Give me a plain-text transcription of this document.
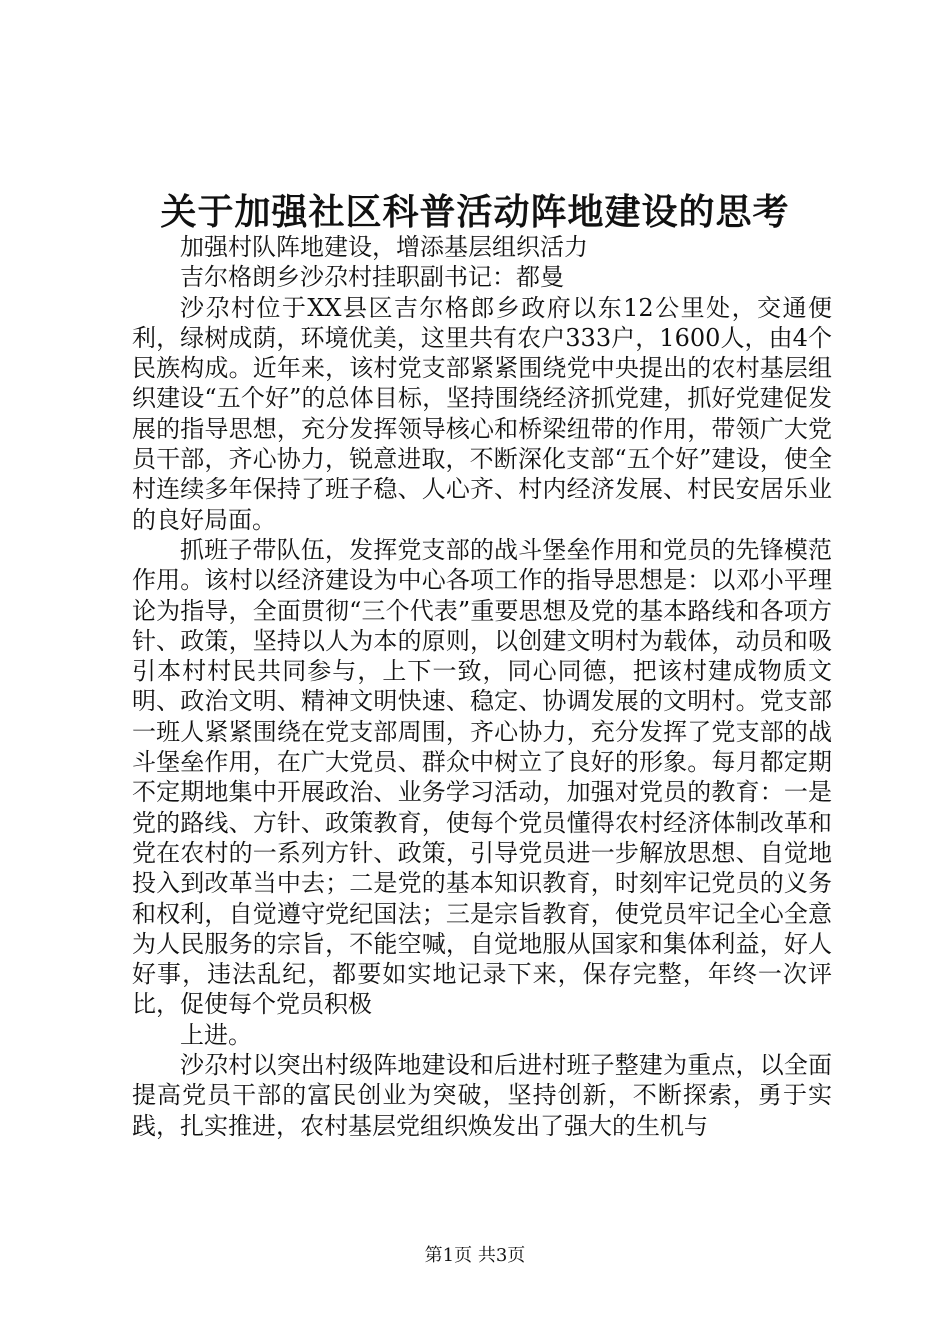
关于加强社区科普活动阵地建设的思考
加强村队阵地建设，增添基层组织活力
吉尔格朗乡沙尕村挂职副书记：都曼
沙尕村位于XX县区吉尔格郎乡政府以东12公里处，交通便利，绿树成荫，环境优美，这里共有农户333户，1600人，由4个民族构成。近年来，该村党支部紧紧围绕党中央提出的农村基层组织建设“五个好”的总体目标，坚持围绕经济抓党建，抓好党建促发展的指导思想，充分发挥领导核心和桥梁纽带的作用，带领广大党员干部，齐心协力，锐意进取，不断深化支部“五个好”建设，使全村连续多年保持了班子稳、人心齐、村内经济发展、村民安居乐业的良好局面。
抓班子带队伍，发挥党支部的战斗堡垒作用和党员的先锋模范作用。该村以经济建设为中心各项工作的指导思想是：以邓小平理论为指导，全面贯彻“三个代表”重要思想及党的基本路线和各项方针、政策，坚持以人为本的原则，以创建文明村为载体，动员和吸引本村村民共同参与，上下一致，同心同德，把该村建成物质文明、政治文明、精神文明快速、稳定、协调发展的文明村。党支部一班人紧紧围绕在党支部周围，齐心协力，充分发挥了党支部的战斗堡垒作用，在广大党员、群众中树立了良好的形象。每月都定期不定期地集中开展政治、业务学习活动，加强对党员的教育：一是党的路线、方针、政策教育，使每个党员懂得农村经济体制改革和党在农村的一系列方针、政策，引导党员进一步解放思想、自觉地投入到改革当中去；二是党的基本知识教育，时刻牢记党员的义务和权利，自觉遵守党纪国法；三是宗旨教育，使党员牢记全心全意为人民服务的宗旨，不能空喊，自觉地服从国家和集体利益，好人好事，违法乱纪，都要如实地记录下来，保存完整，年终一次评比，促使每个党员积极
上进。
沙尕村以突出村级阵地建设和后进村班子整建为重点，以全面提高党员干部的富民创业为突破，坚持创新，不断探索，勇于实践，扎实推进，农村基层党组织焕发出了强大的生机与
第1页 共3页
